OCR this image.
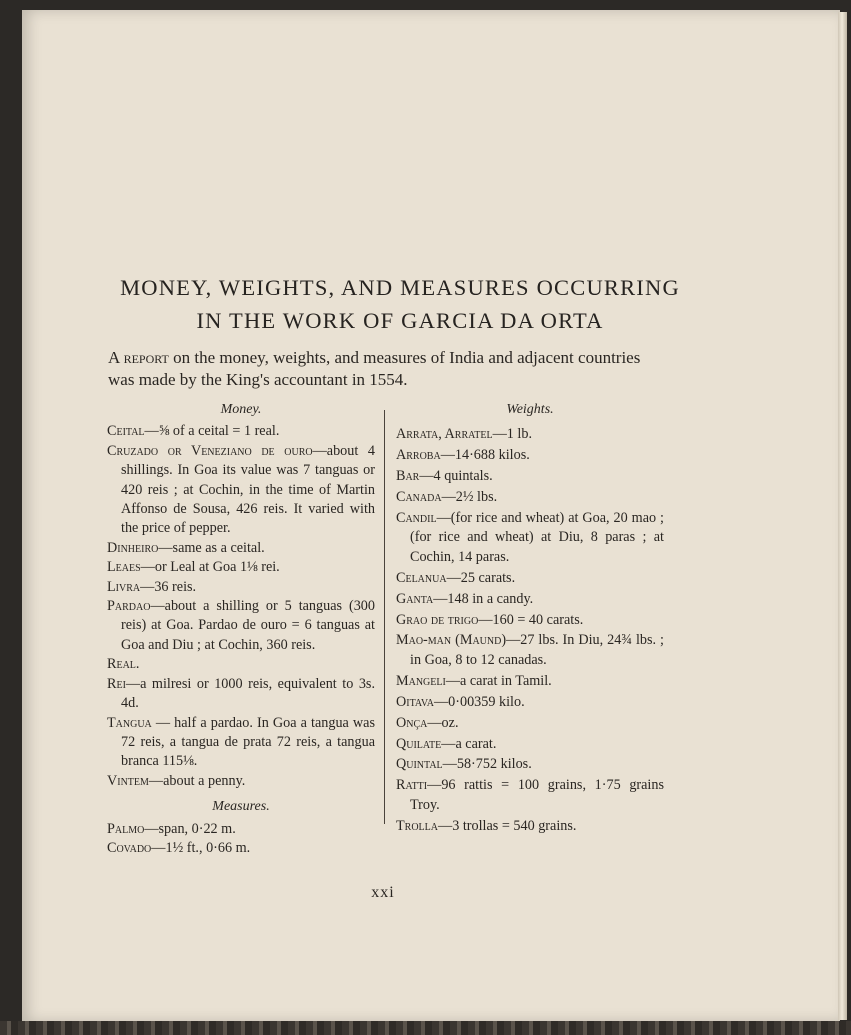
MONEY, WEIGHTS, AND MEASURES OCCURRING
IN THE WORK OF GARCIA DA ORTA

A report on the money, weights, and measures of India and adjacent countries was made by the King's accountant in 1554.

Money.

Ceital—⅝ of a ceital = 1 real.

Cruzado or Veneziano de ouro—about 4 shillings. In Goa its value was 7 tanguas or 420 reis ; at Cochin, in the time of Martin Affonso de Sousa, 426 reis. It varied with the price of pepper.

Dinheiro—same as a ceital.

Leaes—or Leal at Goa 1⅛ rei.

Livra—36 reis.

Pardao—about a shilling or 5 tanguas (300 reis) at Goa. Pardao de ouro = 6 tanguas at Goa and Diu ; at Cochin, 360 reis.

Real.

Rei—a milresi or 1000 reis, equivalent to 3s. 4d.

Tangua — half a pardao. In Goa a tangua was 72 reis, a tangua de prata 72 reis, a tangua branca 115⅛.

Vintem—about a penny.

Measures.

Palmo—span, 0·22 m.

Covado—1½ ft., 0·66 m.

Weights.

Arrata, Arratel—1 lb.

Arroba—14·688 kilos.

Bar—4 quintals.

Canada—2½ lbs.

Candil—(for rice and wheat) at Goa, 20 mao ; (for rice and wheat) at Diu, 8 paras ; at Cochin, 14 paras.

Celanua—25 carats.

Ganta—148 in a candy.

Grao de trigo—160 = 40 carats.

Mao-man (Maund)—27 lbs. In Diu, 24¾ lbs. ; in Goa, 8 to 12 canadas.

Mangeli—a carat in Tamil.

Oitava—0·00359 kilo.

Onça—oz.

Quilate—a carat.

Quintal—58·752 kilos.

Ratti—96 rattis = 100 grains, 1·75 grains Troy.

Trolla—3 trollas = 540 grains.

xxi
